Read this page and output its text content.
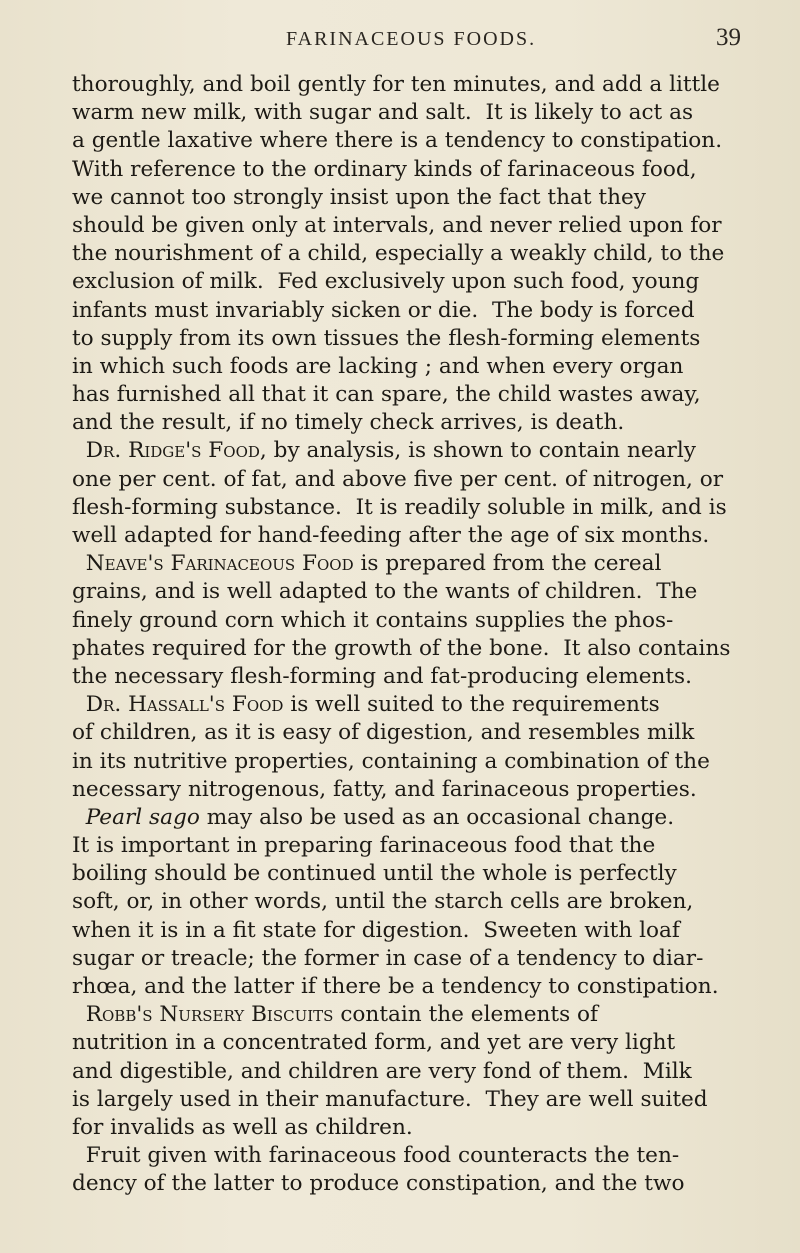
FARINACEOUS FOODS.	39
thoroughly, and boil gently for ten minutes, and add a little
warm new milk, with sugar and salt.  It is likely to act as
a gentle laxative where there is a tendency to constipation.
With reference to the ordinary kinds of farinaceous food,
we cannot too strongly insist upon the fact that they
should be given only at intervals, and never relied upon for
the nourishment of a child, especially a weakly child, to the
exclusion of milk.  Fed exclusively upon such food, young
infants must invariably sicken or die.  The body is forced
to supply from its own tissues the flesh-forming elements
in which such foods are lacking ; and when every organ
has furnished all that it can spare, the child wastes away,
and the result, if no timely check arrives, is death.
Dr. Ridge's Food, by analysis, is shown to contain nearly
one per cent. of fat, and above five per cent. of nitrogen, or
flesh-forming substance.  It is readily soluble in milk, and is
well adapted for hand-feeding after the age of six months.
Neave's Farinaceous Food is prepared from the cereal
grains, and is well adapted to the wants of children.  The
finely ground corn which it contains supplies the phos-
phates required for the growth of the bone.  It also contains
the necessary flesh-forming and fat-producing elements.
Dr. Hassall's Food is well suited to the requirements
of children, as it is easy of digestion, and resembles milk
in its nutritive properties, containing a combination of the
necessary nitrogenous, fatty, and farinaceous properties.
Pearl sago may also be used as an occasional change.
It is important in preparing farinaceous food that the
boiling should be continued until the whole is perfectly
soft, or, in other words, until the starch cells are broken,
when it is in a fit state for digestion.  Sweeten with loaf
sugar or treacle; the former in case of a tendency to diar-
rhœa, and the latter if there be a tendency to constipation.
Robb's Nursery Biscuits contain the elements of
nutrition in a concentrated form, and yet are very light
and digestible, and children are very fond of them.  Milk
is largely used in their manufacture.  They are well suited
for invalids as well as children.
Fruit given with farinaceous food counteracts the ten-
dency of the latter to produce constipation, and the two
